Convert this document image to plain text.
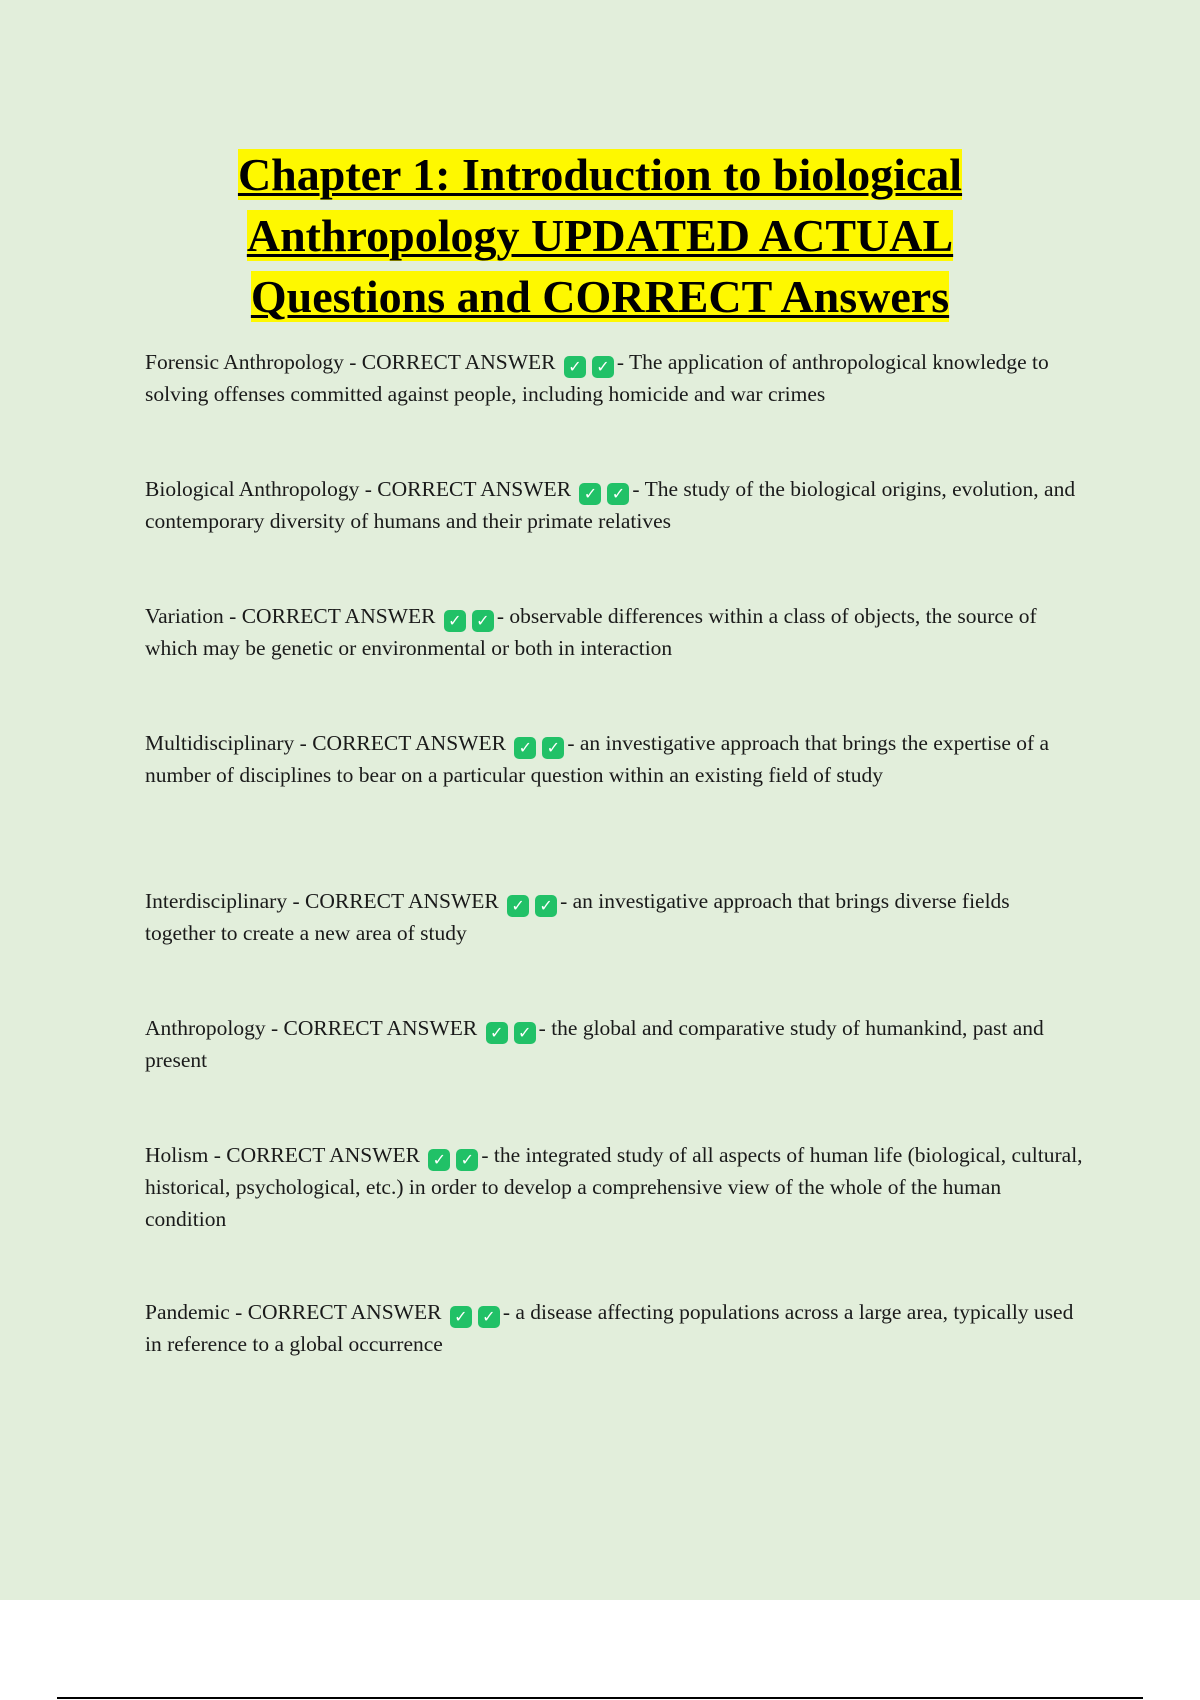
Chapter 1: Introduction to biological
Anthropology UPDATED ACTUAL
Questions and CORRECT Answers

Forensic Anthropology - CORRECT ANSWER ✓ ✓ - The application of anthropological knowledge to solving offenses committed against people, including homicide and war crimes

Biological Anthropology - CORRECT ANSWER ✓ ✓ - The study of the biological origins, evolution, and contemporary diversity of humans and their primate relatives

Variation - CORRECT ANSWER ✓ ✓ - observable differences within a class of objects, the source of which may be genetic or environmental or both in interaction

Multidisciplinary - CORRECT ANSWER ✓ ✓ - an investigative approach that brings the expertise of a number of disciplines to bear on a particular question within an existing field of study

Interdisciplinary - CORRECT ANSWER ✓ ✓ - an investigative approach that brings diverse fields together to create a new area of study

Anthropology - CORRECT ANSWER ✓ ✓ - the global and comparative study of humankind, past and present

Holism - CORRECT ANSWER ✓ ✓ - the integrated study of all aspects of human life (biological, cultural, historical, psychological, etc.) in order to develop a comprehensive view of the whole of the human condition

Pandemic - CORRECT ANSWER ✓ ✓ - a disease affecting populations across a large area, typically used in reference to a global occurrence
